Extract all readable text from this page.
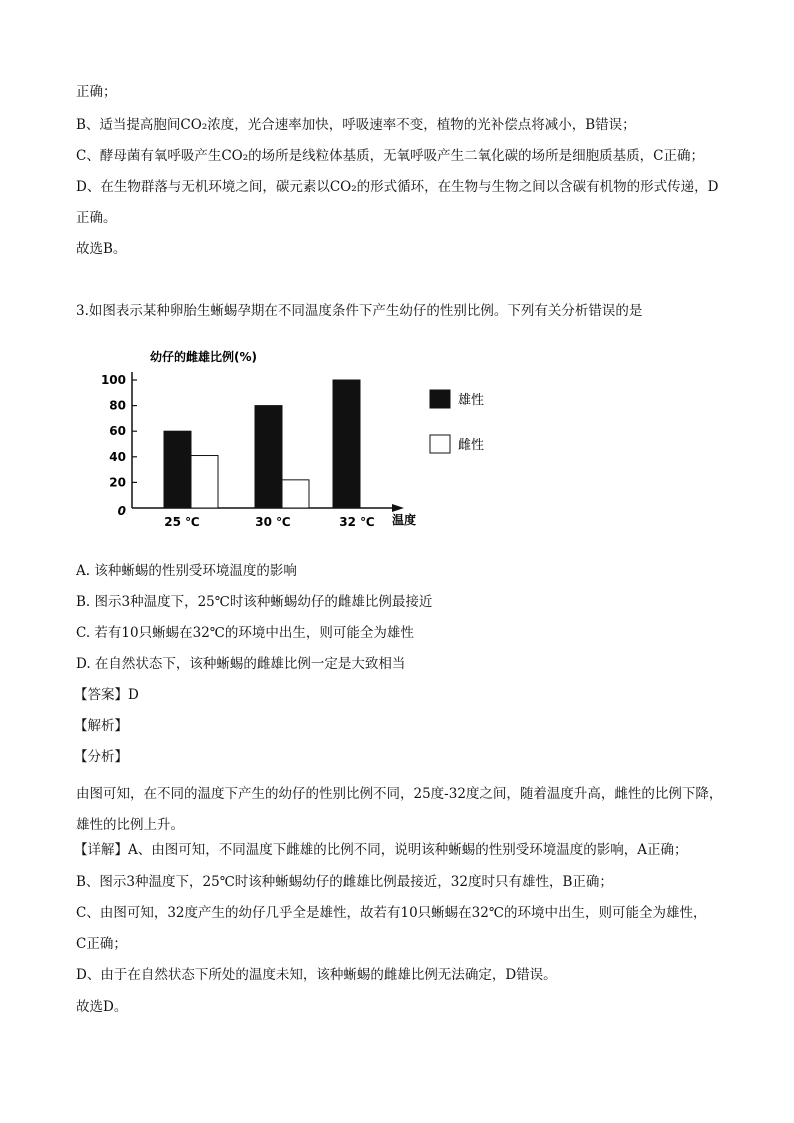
正确；
B、适当提高胞间CO₂浓度，光合速率加快，呼吸速率不变，植物的光补偿点将减小，B错误；
C、酵母菌有氧呼吸产生CO₂的场所是线粒体基质，无氧呼吸产生二氧化碳的场所是细胞质基质，C正确；
D、在生物群落与无机环境之间，碳元素以CO₂的形式循环，在生物与生物之间以含碳有机物的形式传递，D
正确。
故选B。
3.如图表示某种卵胎生蜥蜴孕期在不同温度条件下产生幼仔的性别比例。下列有关分析错误的是
幼仔的雌雄比例(%)
温度
0
20
40
60
80
100
25 ℃	30 ℃	32 ℃
雄性
雌性
A. 该种蜥蜴的性别受环境温度的影响
B. 图示3种温度下，25℃时该种蜥蜴幼仔的雌雄比例最接近
C. 若有10只蜥蜴在32℃的环境中出生，则可能全为雄性
D. 在自然状态下，该种蜥蜴的雌雄比例一定是大致相当
【答案】D
【解析】
【分析】
由图可知，在不同的温度下产生的幼仔的性别比例不同，25度-32度之间，随着温度升高，雌性的比例下降，雄性的比例上升。
【详解】A、由图可知，不同温度下雌雄的比例不同，说明该种蜥蜴的性别受环境温度的影响，A正确；
B、图示3种温度下，25℃时该种蜥蜴幼仔的雌雄比例最接近，32度时只有雄性，B正确；
C、由图可知，32度产生的幼仔几乎全是雄性，故若有10只蜥蜴在32℃的环境中出生，则可能全为雄性，
C正确；
D、由于在自然状态下所处的温度未知，该种蜥蜴的雌雄比例无法确定，D错误。
故选D。
